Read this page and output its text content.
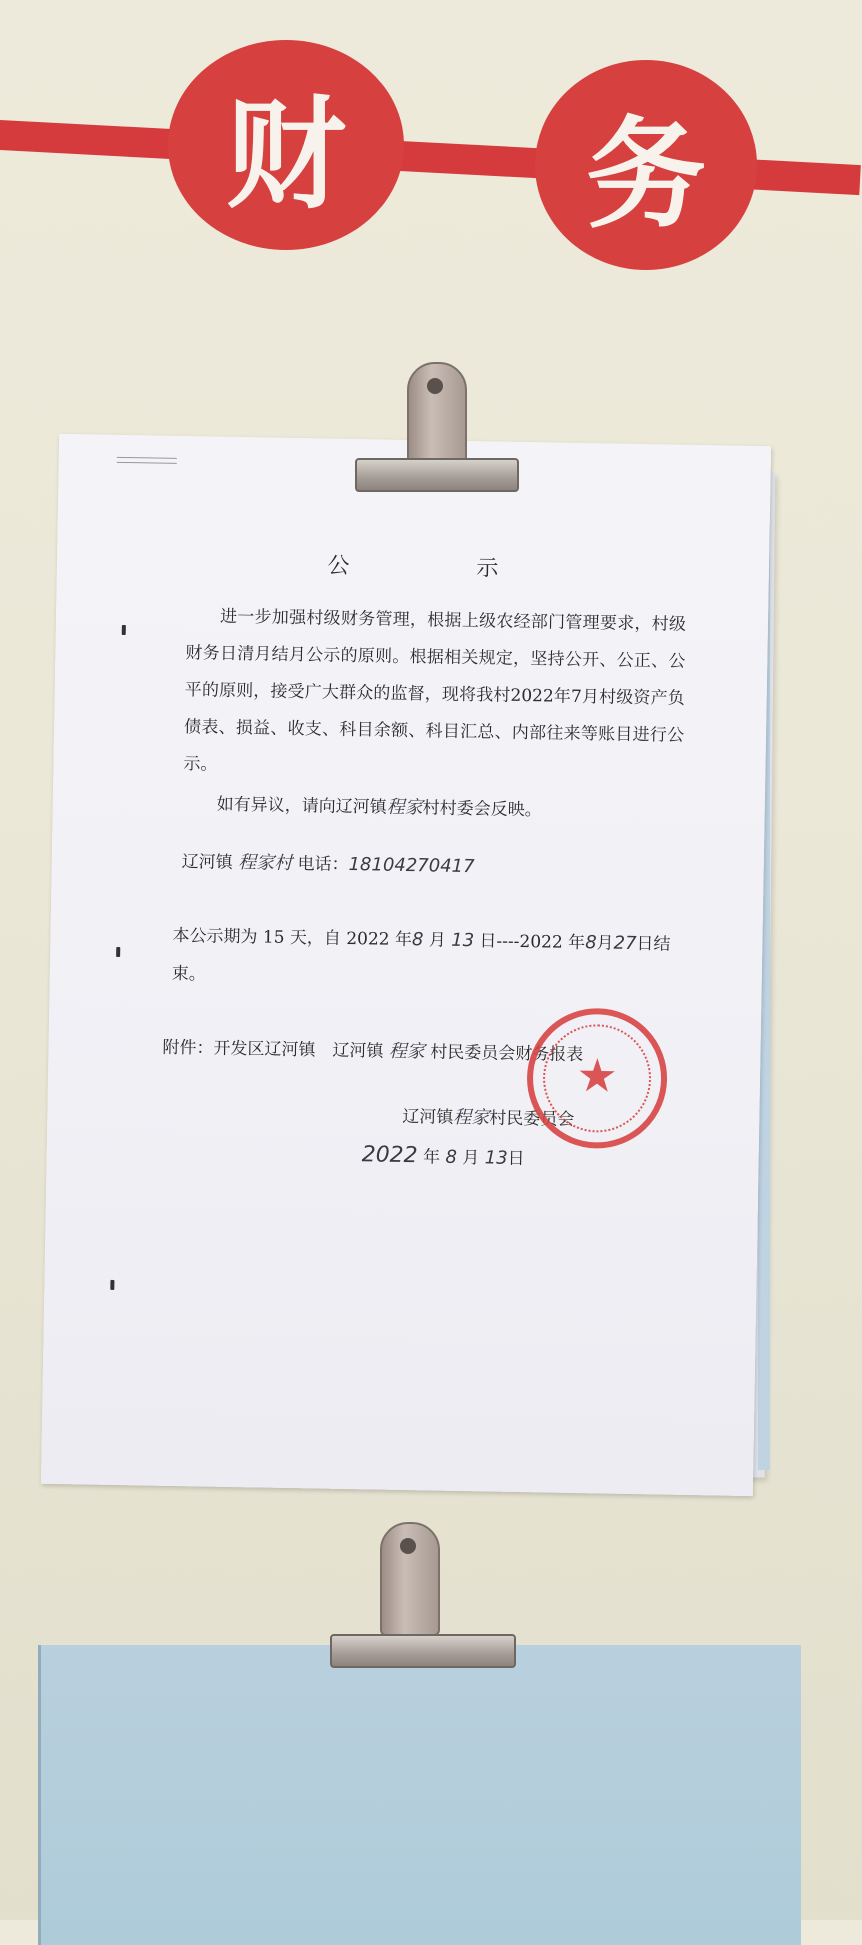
财 务
公 示
进一步加强村级财务管理，根据上级农经部门管理要求，村级财务日清月结月公示的原则。根据相关规定，坚持公开、公正、公平的原则，接受广大群众的监督，现将我村2022年7月村级资产负债表、损益、收支、科目余额、科目汇总、内部往来等账目进行公示。
如有异议，请向辽河镇程家村村委会反映。
辽河镇 程家村 电话：18104270417
本公示期为 15 天，自 2022 年8 月 13 日----2022 年8月27日结
束。
附件：开发区辽河镇　辽河镇 程家 村民委员会财务报表
辽河镇程家村民委员会
2022 年 8 月 13日
★
